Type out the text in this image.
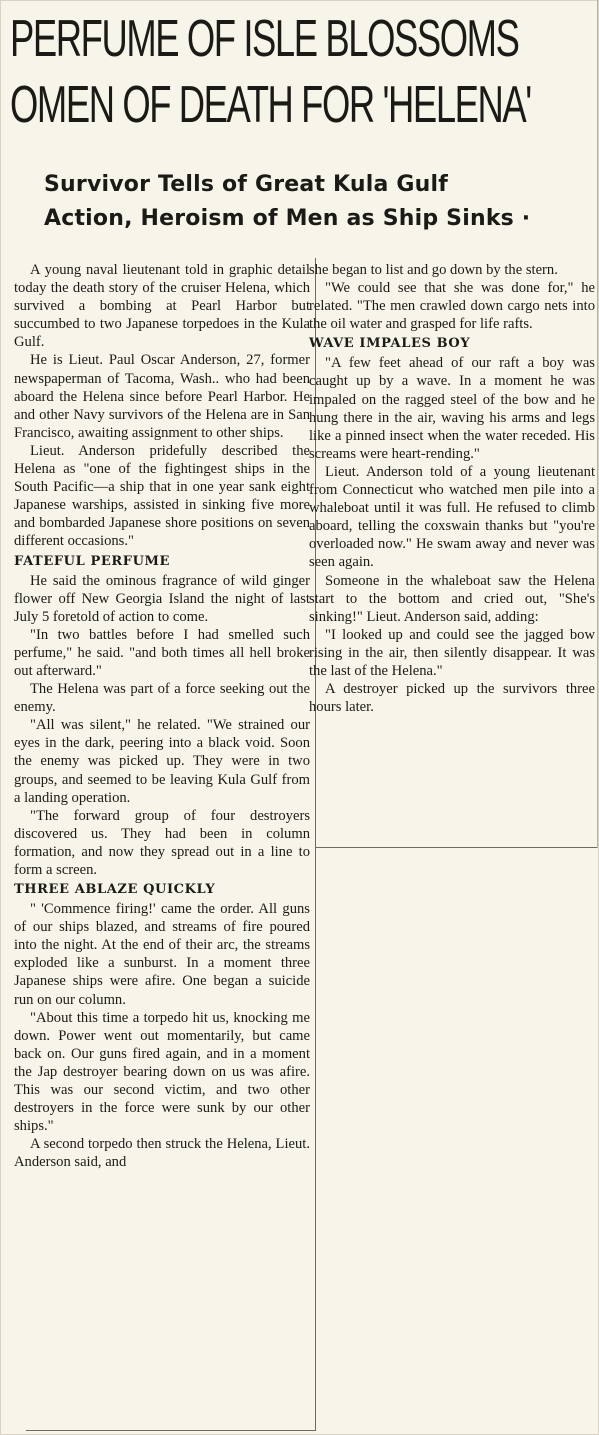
PERFUME OF ISLE BLOSSOMS
OMEN OF DEATH FOR 'HELENA'
Survivor Tells of Great Kula Gulf
Action, Heroism of Men as Ship Sinks ·

A young naval lieutenant told in graphic detail today the death story of the cruiser Helena, which survived a bombing at Pearl Harbor but succumbed to two Japanese torpedoes in the Kula Gulf.

He is Lieut. Paul Oscar Anderson, 27, former newspaperman of Tacoma, Wash.. who had been aboard the Helena since before Pearl Harbor. He and other Navy survivors of the Helena are in San Francisco, awaiting assignment to other ships.

Lieut. Anderson pridefully described the Helena as "one of the fightingest ships in the South Pacific—a ship that in one year sank eight Japanese warships, assisted in sinking five more and bombarded Japanese shore positions on seven different occasions."

FATEFUL PERFUME

He said the ominous fragrance of wild ginger flower off New Georgia Island the night of last July 5 foretold of action to come.

"In two battles before I had smelled such perfume," he said. "and both times all hell broke out afterward."

The Helena was part of a force seeking out the enemy.

"All was silent," he related. "We strained our eyes in the dark, peering into a black void. Soon the enemy was picked up. They were in two groups, and seemed to be leaving Kula Gulf from a landing operation.

"The forward group of four destroyers discovered us. They had been in column formation, and now they spread out in a line to form a screen.

THREE ABLAZE QUICKLY

" 'Commence firing!' came the order. All guns of our ships blazed, and streams of fire poured into the night. At the end of their arc, the streams exploded like a sunburst. In a moment three Japanese ships were afire. One began a suicide run on our column.

"About this time a torpedo hit us, knocking me down. Power went out momentarily, but came back on. Our guns fired again, and in a moment the Jap destroyer bearing down on us was afire. This was our second victim, and two other destroyers in the force were sunk by our other ships."

A second torpedo then struck the Helena, Lieut. Anderson said, and

she began to list and go down by the stern.

"We could see that she was done for," he related. "The men crawled down cargo nets into the oil water and grasped for life rafts.

WAVE IMPALES BOY

"A few feet ahead of our raft a boy was caught up by a wave. In a moment he was impaled on the ragged steel of the bow and he hung there in the air, waving his arms and legs like a pinned insect when the water receded. His screams were heart-rending."

Lieut. Anderson told of a young lieutenant from Connecticut who watched men pile into a whaleboat until it was full. He refused to climb aboard, telling the coxswain thanks but "you're overloaded now." He swam away and never was seen again.

Someone in the whaleboat saw the Helena start to the bottom and cried out, "She's sinking!" Lieut. Anderson said, adding:

"I looked up and could see the jagged bow rising in the air, then silently disappear. It was the last of the Helena."

A destroyer picked up the survivors three hours later.
